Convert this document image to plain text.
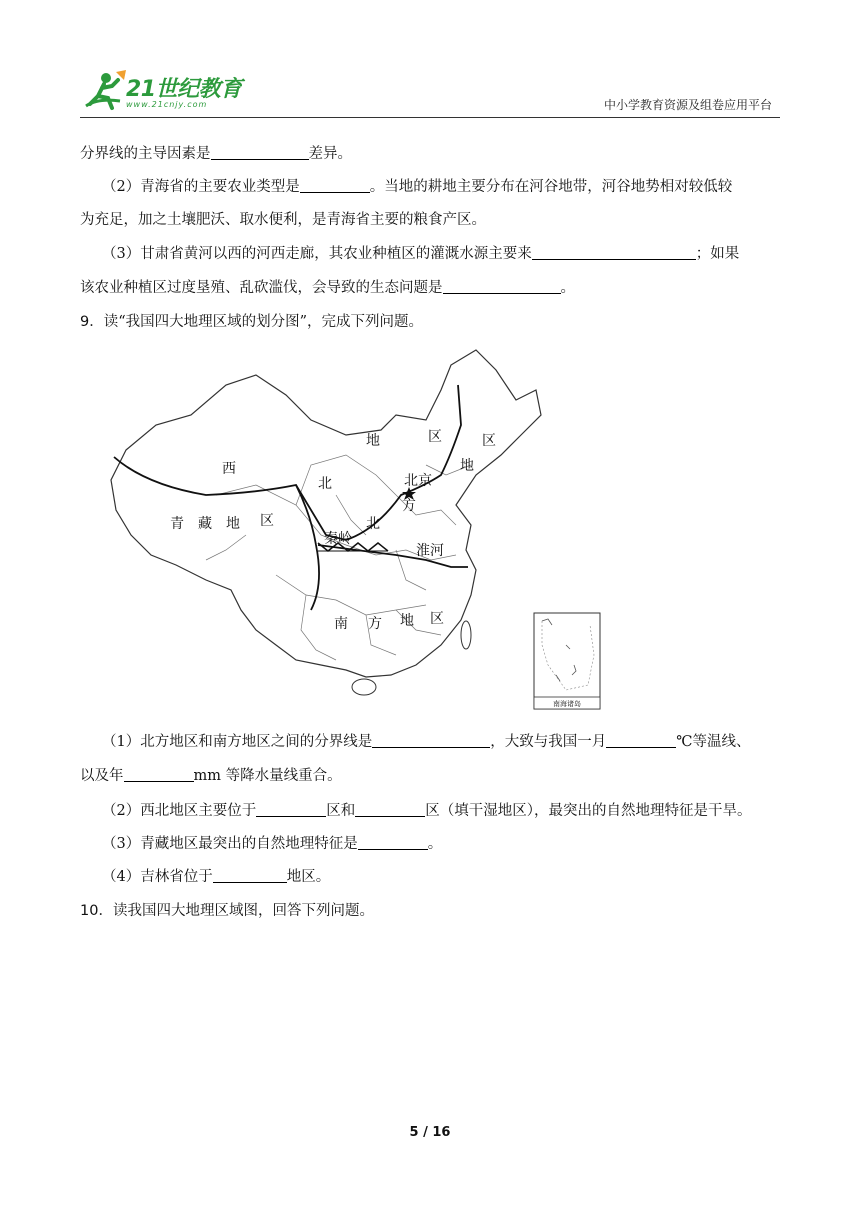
21世纪教育
www.21cnjy.com	中小学教育资源及组卷应用平台
分界线的主导因素是	差异。
（2）青海省的主要农业类型是	。当地的耕地主要分布在河谷地带，河谷地势相对较低较
为充足，加之土壤肥沃、取水便利，是青海省主要的粮食产区。
（3）甘肃省黄河以西的河西走廊，其农业种植区的灌溉水源主要来	；如果
该农业种植区过度垦殖、乱砍滥伐，会导致的生态问题是	。
9．读“我国四大地理区域的划分图”，完成下列问题。
西
北
地	区	区
地
北京
方
北
青 藏 地 区
秦岭
淮河
南 方 地 区
南海诸岛
（1）北方地区和南方地区之间的分界线是	，大致与我国一月	℃等温线、
以及年	mm 等降水量线重合。
（2）西北地区主要位于	区和	区（填干湿地区），最突出的自然地理特征是干旱。
（3）青藏地区最突出的自然地理特征是	。
（4）吉林省位于	地区。
10．读我国四大地理区域图，回答下列问题。
5 / 16
